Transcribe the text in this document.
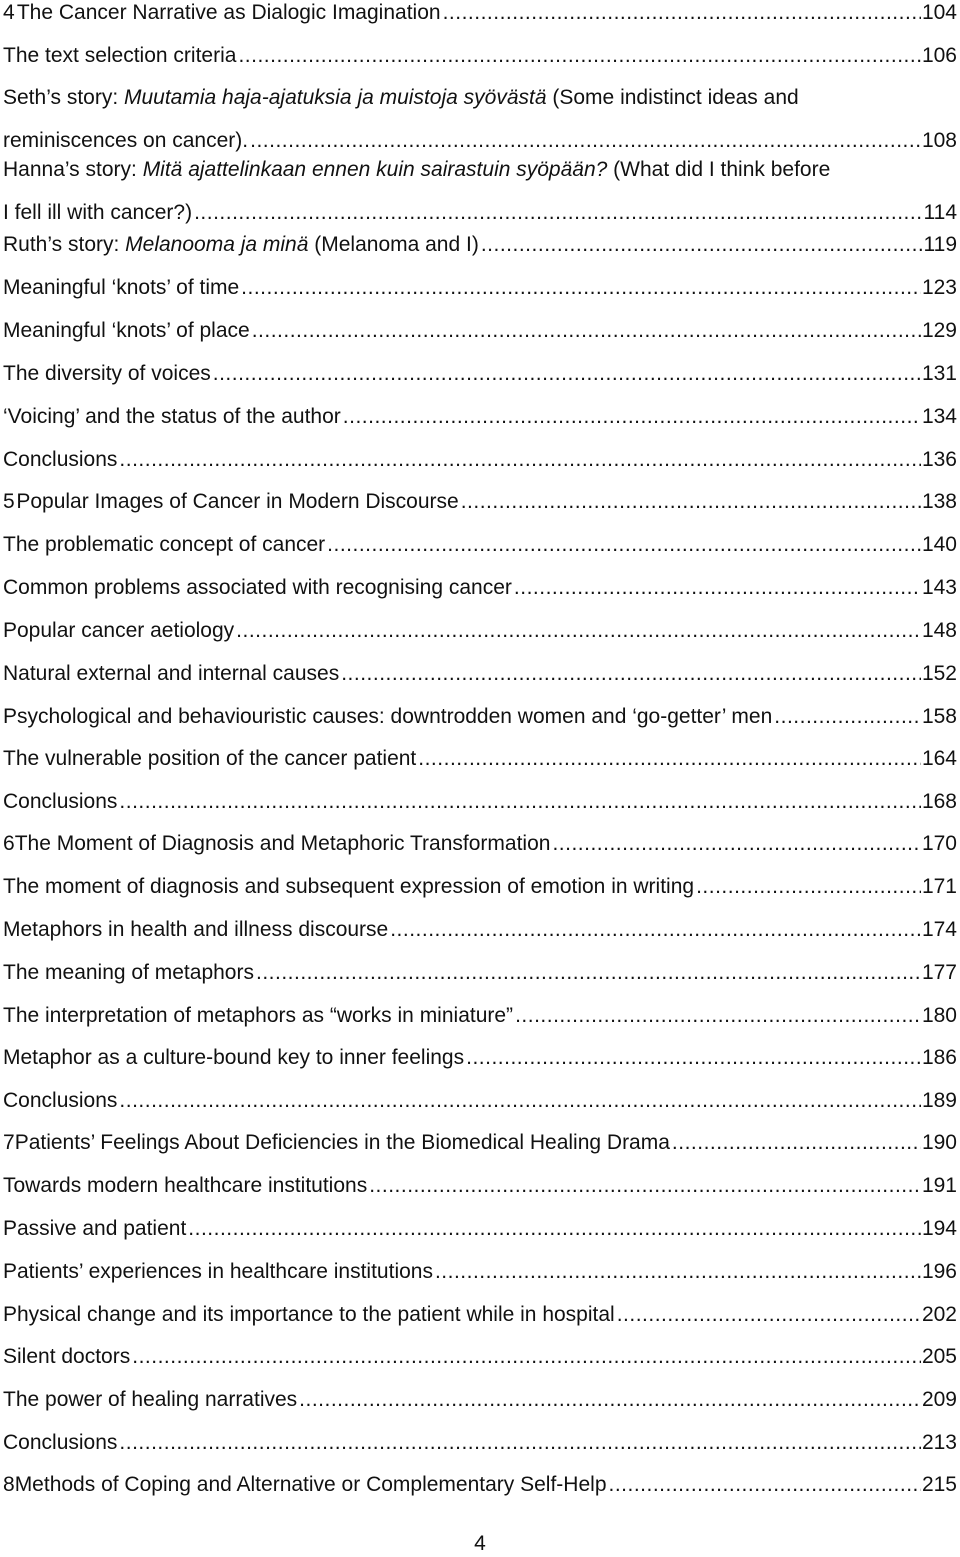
4 The Cancer Narrative as Dialogic Imagination .....	104
The text selection criteria .....	106
Seth’s story: Muutamia haja-ajatuksia ja muistoja syövästä (Some indistinct ideas and
reminiscences on cancer). .....	108
Hanna’s story: Mitä ajattelinkaan ennen kuin sairastuin syöpään? (What did I think before
I fell ill with cancer?) .....	114
Ruth’s story: Melanooma ja minä (Melanoma and I) .....	119
Meaningful ‘knots’ of time .....	123
Meaningful ‘knots’ of place .....	129
The diversity of voices .....	131
‘Voicing’ and the status of the author .....	134
Conclusions .....	136
5 Popular Images of Cancer in Modern Discourse .....	138
The problematic concept of cancer .....	140
Common problems associated with recognising cancer .....	143
Popular cancer aetiology .....	148
Natural external and internal causes .....	152
Psychological and behaviouristic causes: downtrodden women and ‘go-getter’ men .....	158
The vulnerable position of the cancer patient .....	164
Conclusions .....	168
6 The Moment of Diagnosis and Metaphoric Transformation .....	170
The moment of diagnosis and subsequent expression of emotion in writing .....	171
Metaphors in health and illness discourse .....	174
The meaning of metaphors .....	177
The interpretation of metaphors as “works in miniature” .....	180
Metaphor as a culture-bound key to inner feelings .....	186
Conclusions .....	189
7 Patients’ Feelings About Deficiencies in the Biomedical Healing Drama .....	190
Towards modern healthcare institutions .....	191
Passive and patient .....	194
Patients’ experiences in healthcare institutions .....	196
Physical change and its importance to the patient while in hospital .....	202
Silent doctors .....	205
The power of healing narratives .....	209
Conclusions .....	213
8 Methods of Coping and Alternative or Complementary Self-Help .....	215
4
